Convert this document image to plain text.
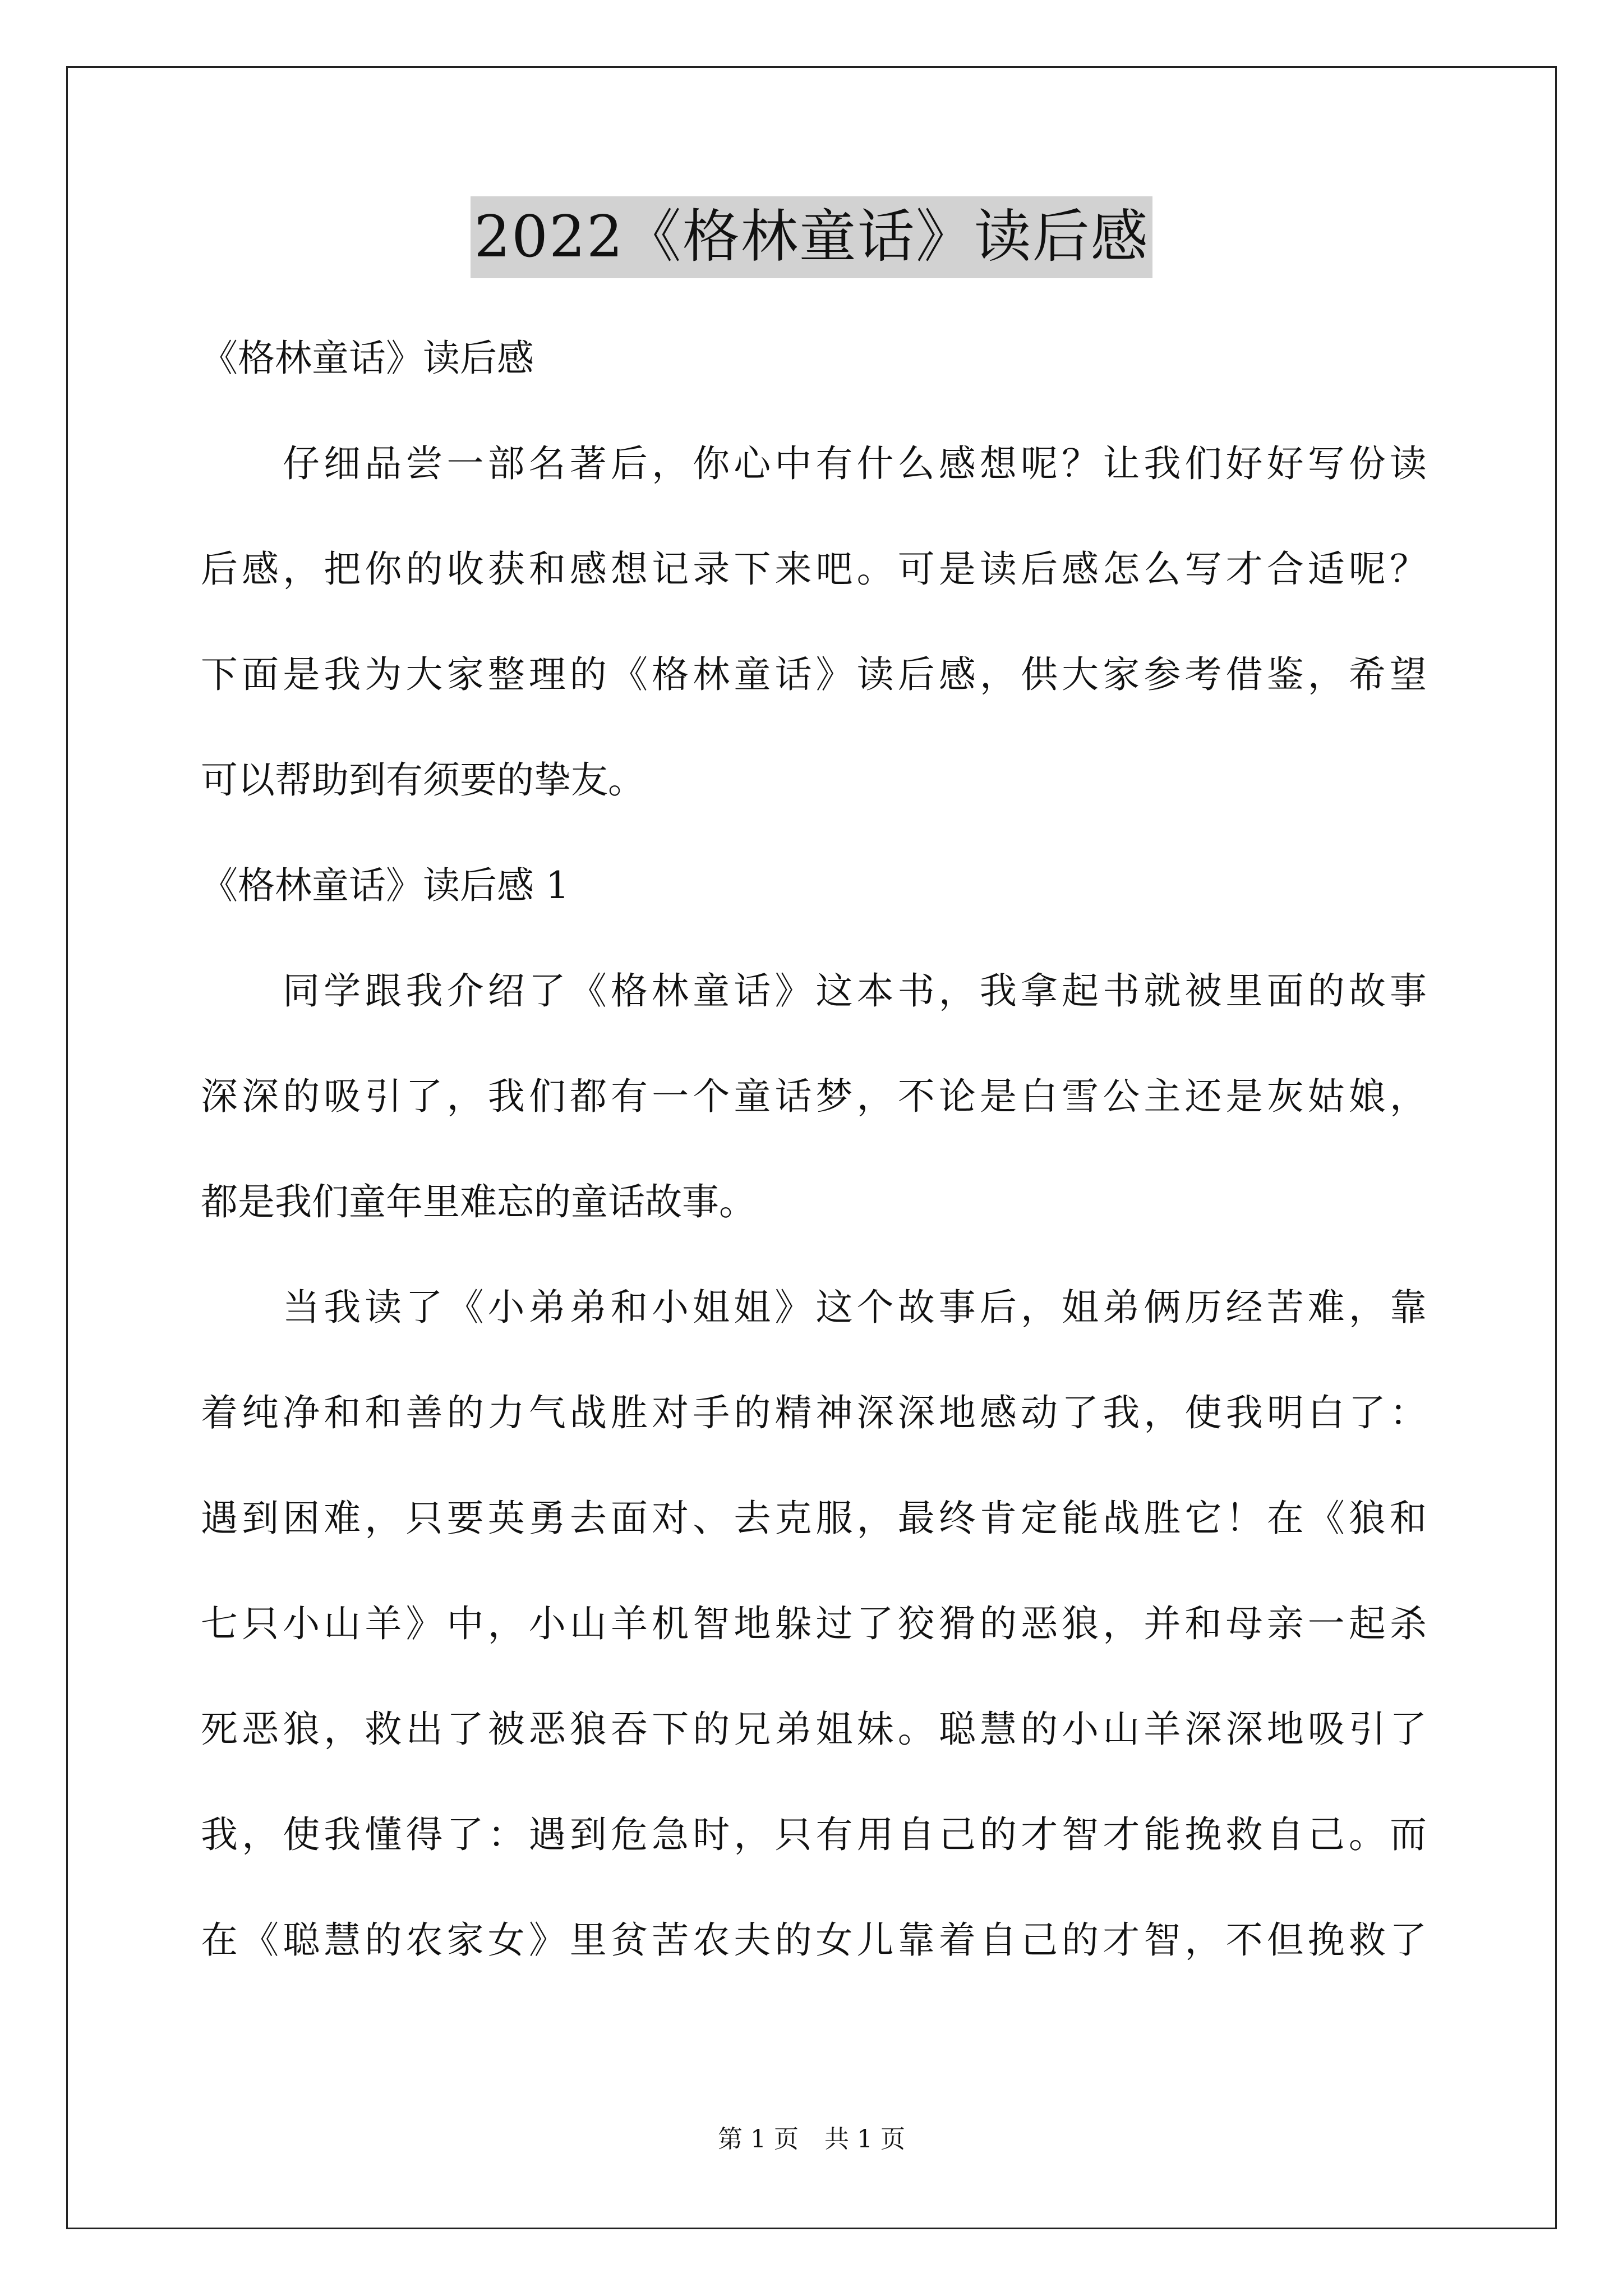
2022《格林童话》读后感
《格林童话》读后感
仔细品尝一部名著后，你心中有什么感想呢？让我们好好写份读
后感，把你的收获和感想记录下来吧。可是读后感怎么写才合适呢？
下面是我为大家整理的《格林童话》读后感，供大家参考借鉴，希望
可以帮助到有须要的挚友。
《格林童话》读后感 1
同学跟我介绍了《格林童话》这本书，我拿起书就被里面的故事
深深的吸引了，我们都有一个童话梦，不论是白雪公主还是灰姑娘，
都是我们童年里难忘的童话故事。
当我读了《小弟弟和小姐姐》这个故事后，姐弟俩历经苦难，靠
着纯净和和善的力气战胜对手的精神深深地感动了我，使我明白了：
遇到困难，只要英勇去面对、去克服，最终肯定能战胜它！在《狼和
七只小山羊》中，小山羊机智地躲过了狡猾的恶狼，并和母亲一起杀
死恶狼，救出了被恶狼吞下的兄弟姐妹。聪慧的小山羊深深地吸引了
第 1 页 共 1 页
我，使我懂得了：遇到危急时，只有用自己的才智才能挽救自己。而
在《聪慧的农家女》里贫苦农夫的女儿靠着自己的才智，不但挽救了
